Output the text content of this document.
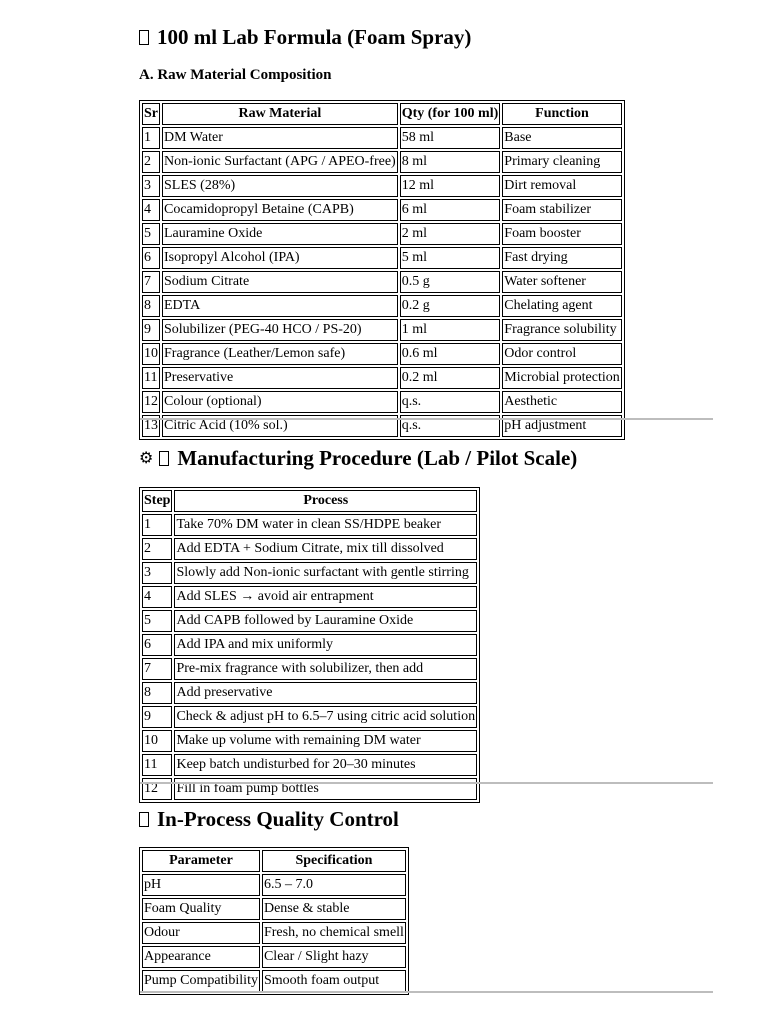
100 ml Lab Formula (Foam Spray)
A. Raw Material Composition
Sr	Raw Material	Qty (for 100 ml)	Function
1	DM Water	58 ml	Base
2	Non-ionic Surfactant (APG / APEO-free)	8 ml	Primary cleaning
3	SLES (28%)	12 ml	Dirt removal
4	Cocamidopropyl Betaine (CAPB)	6 ml	Foam stabilizer
5	Lauramine Oxide	2 ml	Foam booster
6	Isopropyl Alcohol (IPA)	5 ml	Fast drying
7	Sodium Citrate	0.5 g	Water softener
8	EDTA	0.2 g	Chelating agent
9	Solubilizer (PEG-40 HCO / PS-20)	1 ml	Fragrance solubility
10	Fragrance (Leather/Lemon safe)	0.6 ml	Odor control
11	Preservative	0.2 ml	Microbial protection
12	Colour (optional)	q.s.	Aesthetic
13	Citric Acid (10% sol.)	q.s.	pH adjustment
⚙ Manufacturing Procedure (Lab / Pilot Scale)
Step	Process
1	Take 70% DM water in clean SS/HDPE beaker
2	Add EDTA + Sodium Citrate, mix till dissolved
3	Slowly add Non-ionic surfactant with gentle stirring
4	Add SLES → avoid air entrapment
5	Add CAPB followed by Lauramine Oxide
6	Add IPA and mix uniformly
7	Pre-mix fragrance with solubilizer, then add
8	Add preservative
9	Check & adjust pH to 6.5–7 using citric acid solution
10	Make up volume with remaining DM water
11	Keep batch undisturbed for 20–30 minutes
12	Fill in foam pump bottles
In-Process Quality Control
Parameter	Specification
pH	6.5 – 7.0
Foam Quality	Dense & stable
Odour	Fresh, no chemical smell
Appearance	Clear / Slight hazy
Pump Compatibility	Smooth foam output
